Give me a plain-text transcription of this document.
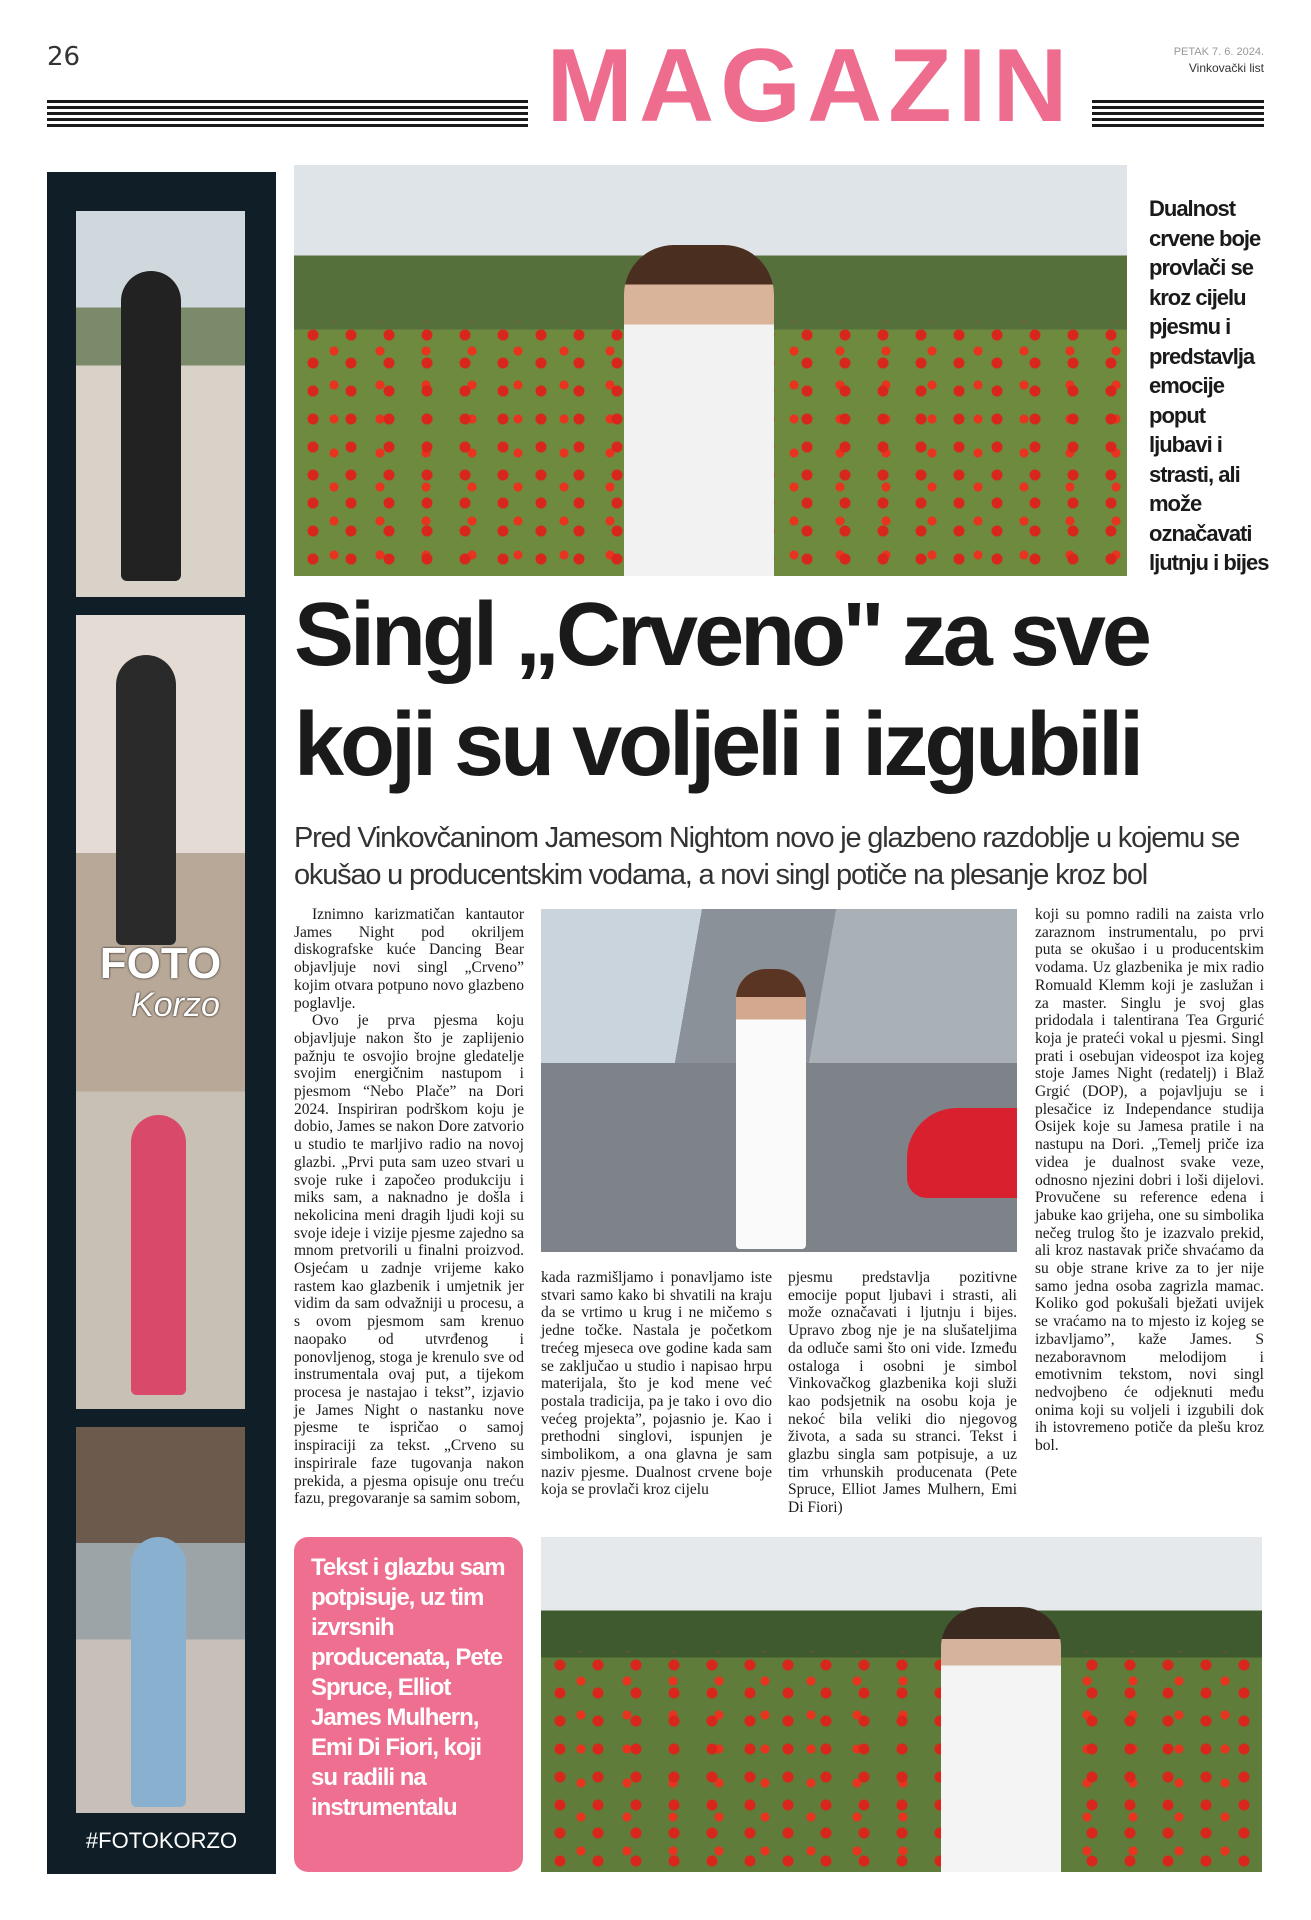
26	MAGAZIN	PETAK 7. 6. 2024.
Vinkovački list
FOTO
Korzo
#FOTOKORZO
Dualnost crvene boje provlači se kroz cijelu pjesmu i predstavlja emocije poput ljubavi i strasti, ali može označavati ljutnju i bijes
Singl „Crveno" za sve koji su voljeli i izgubili
Pred Vinkovčaninom Jamesom Nightom novo je glazbeno razdoblje u kojemu se okušao u producentskim vodama, a novi singl potiče na plesanje kroz bol

Iznimno karizmatičan kantautor James Night pod okriljem diskografske kuće Dancing Bear objavljuje novi singl „Crveno” kojim otvara potpuno novo glazbeno poglavlje.

Ovo je prva pjesma koju objavljuje nakon što je zaplijenio pažnju te osvojio brojne gledatelje svojim energičnim nastupom i pjesmom “Nebo Plače” na Dori 2024. Inspiriran podrškom koju je dobio, James se nakon Dore zatvorio u studio te marljivo radio na novoj glazbi. „Prvi puta sam uzeo stvari u svoje ruke i započeo produkciju i miks sam, a naknadno je došla i nekolicina meni dragih ljudi koji su svoje ideje i vizije pjesme zajedno sa mnom pretvorili u finalni proizvod. Osjećam u zadnje vrijeme kako rastem kao glazbenik i umjetnik jer vidim da sam odvažniji u procesu, a s ovom pjesmom sam krenuo naopako od utvrđenog i ponovljenog, stoga je krenulo sve od instrumentala ovaj put, a tijekom procesa je nastajao i tekst”, izjavio je James Night o nastanku nove pjesme te ispričao o samoj inspiraciji za tekst. „Crveno su inspirirale faze tugovanja nakon prekida, a pjesma opisuje onu treću fazu, pregovaranje sa samim sobom,

kada razmišljamo i ponavljamo iste stvari samo kako bi shvatili na kraju da se vrtimo u krug i ne mičemo s jedne točke. Nastala je početkom trećeg mjeseca ove godine kada sam se zaključao u studio i napisao hrpu materijala, što je kod mene već postala tradicija, pa je tako i ovo dio većeg projekta”, pojasnio je. Kao i prethodni singlovi, ispunjen je simbolikom, a ona glavna je sam naziv pjesme. Dualnost crvene boje koja se provlači kroz cijelu
pjesmu predstavlja pozitivne emocije poput ljubavi i strasti, ali može označavati i ljutnju i bijes. Upravo zbog nje je na slušateljima da odluče sami što oni vide. Između ostaloga i osobni je simbol Vinkovačkog glazbenika koji služi kao podsjetnik na osobu koja je nekoć bila veliki dio njegovog života, a sada su stranci. Tekst i glazbu singla sam potpisuje, a uz tim vrhunskih producenata (Pete Spruce, Elliot James Mulhern, Emi Di Fiori)
koji su pomno radili na zaista vrlo zaraznom instrumentalu, po prvi puta se okušao i u producentskim vodama. Uz glazbenika je mix radio Romuald Klemm koji je zaslužan i za master. Singlu je svoj glas pridodala i talentirana Tea Grgurić koja je prateći vokal u pjesmi. Singl prati i osebujan videospot iza kojeg stoje James Night (redatelj) i Blaž Grgić (DOP), a pojavljuju se i plesačice iz Independance studija Osijek koje su Jamesa pratile i na nastupu na Dori. „Temelj priče iza videa je dualnost svake veze, odnosno njezini dobri i loši dijelovi. Provučene su reference edena i jabuke kao grijeha, one su simbolika nečeg trulog što je izazvalo prekid, ali kroz nastavak priče shvaćamo da su obje strane krive za to jer nije samo jedna osoba zagrizla mamac. Koliko god pokušali bježati uvijek se vraćamo na to mjesto iz kojeg se izbavljamo”, kaže James. S nezaboravnom melodijom i emotivnim tekstom, novi singl nedvojbeno će odjeknuti među onima koji su voljeli i izgubili dok ih istovremeno potiče da plešu kroz bol.
Tekst i glazbu sam potpisuje, uz tim izvrsnih producenata, Pete Spruce, Elliot James Mulhern, Emi Di Fiori, koji su radili na instrumentalu
